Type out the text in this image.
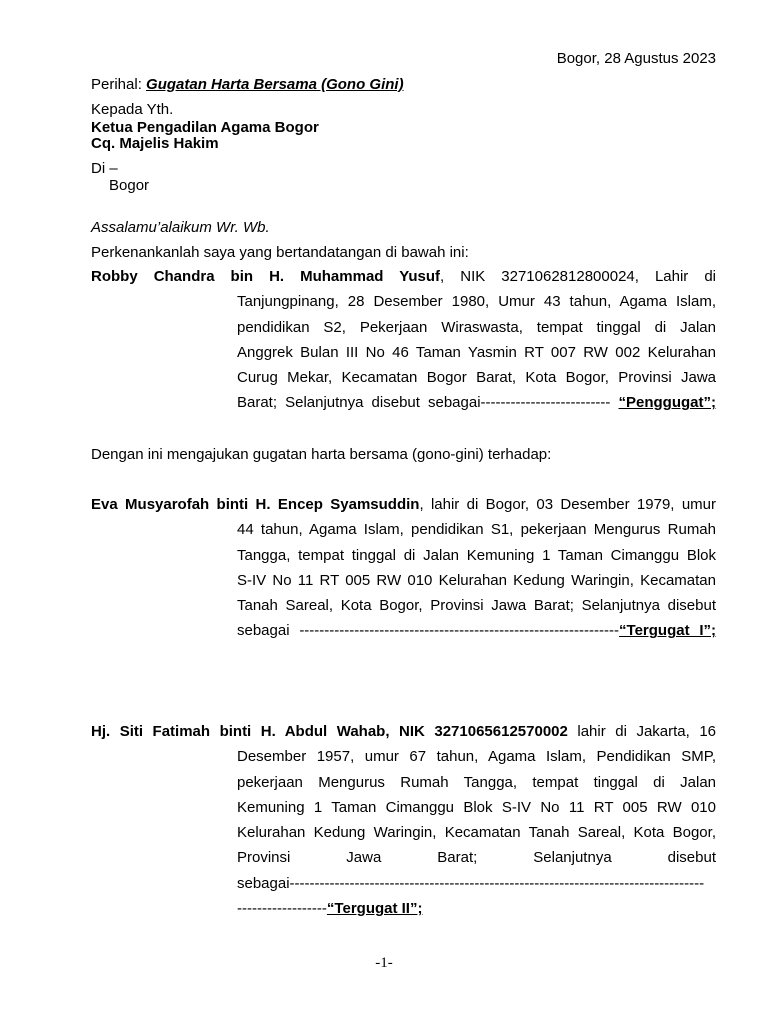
Bogor, 28 Agustus 2023
Perihal: Gugatan Harta Bersama (Gono Gini)
Kepada Yth.
Ketua Pengadilan Agama Bogor
Cq. Majelis Hakim
Di –
Bogor
Assalamu’alaikum Wr. Wb.
Perkenankanlah saya yang bertandatangan di bawah ini:

Robby Chandra bin H. Muhammad Yusuf, NIK 3271062812800024, Lahir di

Tanjungpinang, 28 Desember 1980, Umur 43 tahun, Agama Islam,
pendidikan S2, Pekerjaan Wiraswasta, tempat tinggal di Jalan
Anggrek Bulan III No 46 Taman Yasmin RT 007 RW 002 Kelurahan
Curug Mekar, Kecamatan Bogor Barat, Kota Bogor, Provinsi Jawa
Barat; Selanjutnya disebut sebagai-------------------------- “Penggugat”;

Dengan ini mengajukan gugatan harta bersama (gono-gini) terhadap:

Eva Musyarofah binti H. Encep Syamsuddin, lahir di Bogor, 03 Desember 1979, umur

44 tahun, Agama Islam, pendidikan S1, pekerjaan Mengurus Rumah
Tangga, tempat tinggal di Jalan Kemuning 1 Taman Cimanggu Blok
S-IV No 11 RT 005 RW 010 Kelurahan Kedung Waringin, Kecamatan
Tanah Sareal, Kota Bogor, Provinsi Jawa Barat; Selanjutnya disebut
sebagai ----------------------------------------------------------------“Tergugat I”;

Hj. Siti Fatimah binti H. Abdul Wahab, NIK 3271065612570002 lahir di Jakarta, 16

Desember 1957, umur 67 tahun, Agama Islam, Pendidikan SMP,
pekerjaan Mengurus Rumah Tangga, tempat tinggal di Jalan
Kemuning 1 Taman Cimanggu Blok S-IV No 11 RT 005 RW 010
Kelurahan Kedung Waringin, Kecamatan Tanah Sareal, Kota Bogor,
Provinsi Jawa Barat; Selanjutnya disebut
sebagai-----------------------------------------------------------------------------------
------------------“Tergugat II”;

-1-
